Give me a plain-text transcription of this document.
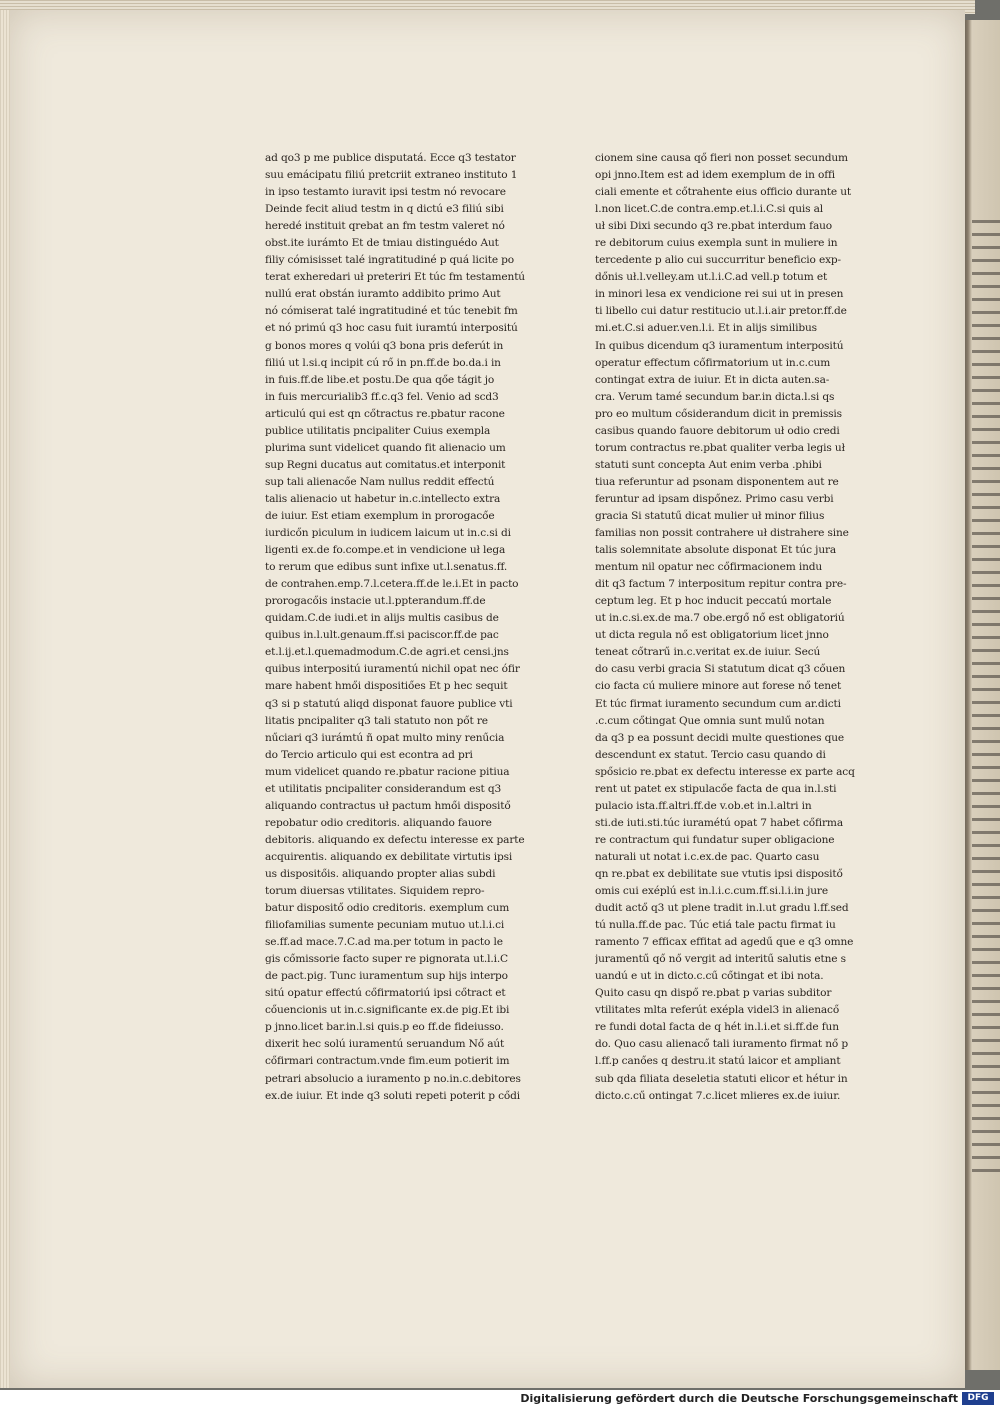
ad qo3 p me publice disputatá. Ecce q3 testator
suu emácipatu filiú pretcriit extraneo instituto 1
in ipso testamto iuravit ipsi testm nó revocare
Deinde fecit aliud testm in q dictú e3 filiú sibi
heredé instituit qrebat an fm testm valeret nó
obst.ite iurámto Et de tmiau distinguédo Aut
filiy cómisisset talé ingratitudiné p quá licite po
terat exheredari uł preteriri Et túc fm testamentú
nullú erat obstán iuramto addibito primo Aut
nó cómiserat talé ingratitudiné et túc tenebit fm
et nó primú q3 hoc casu fuit iuramtú interpositú
g bonos mores q volúi q3 bona pris deferút in
filiú ut l.si.q incipit cú rő in pn.ff.de bo.da.i in
in fuis.ff.de libe.et postu.De qua qőe tágit jo
in fuis mercurialib3 ff.c.q3 fel. Venio ad scd3
articulú qui est qn cőtractus re.pbatur racone
publice utilitatis pncipaliter Cuius exempla
plurima sunt videlicet quando fit alienacio um
sup Regni ducatus aut comitatus.et interponit
sup tali alienacőe Nam nullus reddit effectú
talis alienacio ut habetur in.c.intellecto extra
de iuiur. Est etiam exemplum in prorogacőe
iurdicőn piculum in iudicem laicum ut in.c.si di
ligenti ex.de fo.compe.et in vendicione uł lega
to rerum que edibus sunt infixe ut.l.senatus.ff.
de contrahen.emp.7.l.cetera.ff.de le.i.Et in pacto
prorogacőis instacie ut.l.ppterandum.ff.de
quidam.C.de iudi.et in alijs multis casibus de
quibus in.l.ult.genaum.ff.si paciscor.ff.de pac
et.l.ij.et.l.quemadmodum.C.de agri.et censi.jns
quibus interpositú iuramentú nichil opat nec ófir
mare habent hmői dispositiőes Et p hec sequit
q3 si p statutú aliqd disponat fauore publice vti
litatis pncipaliter q3 tali statuto non pőt re
nűciari q3 iurámtú ñ opat multo miny renűcia
do Tercio articulo qui est econtra ad pri
mum videlicet quando re.pbatur racione pitiua
et utilitatis pncipaliter considerandum est q3
aliquando contractus uł pactum hmői dispositő
repobatur odio creditoris. aliquando fauore
debitoris. aliquando ex defectu interesse ex parte
acquirentis. aliquando ex debilitate virtutis ipsi
us dispositőis. aliquando propter alias subdi
torum diuersas vtilitates. Siquidem repro-
batur dispositő odio creditoris. exemplum cum
filiofamilias sumente pecuniam mutuo ut.l.i.ci
se.ff.ad mace.7.C.ad ma.per totum in pacto le
gis cőmissorie facto super re pignorata ut.l.i.C
de pact.pig. Tunc iuramentum sup hijs interpo
sitú opatur effectú cőfirmatoriú ipsi cőtract et
cőuencionis ut in.c.significante ex.de pig.Et ibi
p jnno.licet bar.in.l.si quis.p eo ff.de fideiusso.
dixerit hec solú iuramentú seruandum Nő aút
cőfirmari contractum.vnde fim.eum potierit im
petrari absolucio a iuramento p no.in.c.debitores
ex.de iuiur. Et inde q3 soluti repeti poterit p cődi
cionem sine causa qő fieri non posset secundum
opi jnno.Item est ad idem exemplum de in offi
ciali emente et cőtrahente eius officio durante ut
l.non licet.C.de contra.emp.et.l.i.C.si quis al
uł sibi Dixi secundo q3 re.pbat interdum fauo
re debitorum cuius exempla sunt in muliere in
tercedente p alio cui succurritur beneficio exp-
dőnis uł.l.velley.am ut.l.i.C.ad vell.p totum et
in minori lesa ex vendicione rei sui ut in presen
ti libello cui datur restitucio ut.l.i.air pretor.ff.de
mi.et.C.si aduer.ven.l.i. Et in alijs similibus
In quibus dicendum q3 iuramentum interpositú
operatur effectum cőfirmatorium ut in.c.cum
contingat extra de iuiur. Et in dicta auten.sa-
cra. Verum tamé secundum bar.in dicta.l.si qs
pro eo multum cősiderandum dicit in premissis
casibus quando fauore debitorum uł odio credi
torum contractus re.pbat qualiter verba legis uł
statuti sunt concepta Aut enim verba .phibi
tiua referuntur ad psonam disponentem aut re
feruntur ad ipsam dispőnez. Primo casu verbi
gracia Si statutű dicat mulier uł minor filius
familias non possit contrahere uł distrahere sine
talis solemnitate absolute disponat Et túc jura
mentum nil opatur nec cőfirmacionem indu
dit q3 factum 7 interpositum repitur contra pre-
ceptum leg. Et p hoc inducit peccatú mortale
ut in.c.si.ex.de ma.7 obe.ergő nő est obligatoriú
ut dicta regula nő est obligatorium licet jnno
teneat cőtrarű in.c.veritat ex.de iuiur. Secú
do casu verbi gracia Si statutum dicat q3 cőuen
cio facta cú muliere minore aut forese nő tenet
Et túc firmat iuramento secundum cum ar.dicti
.c.cum cőtingat Que omnia sunt mulű notan
da q3 p ea possunt decidi multe questiones que
descendunt ex statut. Tercio casu quando di
spősicio re.pbat ex defectu interesse ex parte acq
rent ut patet ex stipulacőe facta de qua in.l.sti
pulacio ista.ff.altri.ff.de v.ob.et in.l.altri in
sti.de iuti.sti.túc iuramétú opat 7 habet cőfirma
re contractum qui fundatur super obligacione
naturali ut notat i.c.ex.de pac. Quarto casu
qn re.pbat ex debilitate sue vtutis ipsi dispositő
omis cui exéplú est in.l.i.c.cum.ff.si.l.i.in jure
dudit actő q3 ut plene tradit in.l.ut gradu l.ff.sed
tú nulla.ff.de pac. Túc etiá tale pactu firmat iu
ramento 7 efficax effitat ad agedű que e q3 omne
juramentű qő nő vergit ad interitű salutis etne s
uandú e ut in dicto.c.cű cőtingat et ibi nota.
Quito casu qn dispő re.pbat p varias subditor
vtilitates mlta referút exépla videl3 in alienacő
re fundi dotal facta de q hét in.l.i.et si.ff.de fun
do. Quo casu alienacő tali iuramento firmat nő p
l.ff.p canőes q destru.it statú laicor et ampliant
sub qda filiata deseletia statuti elicor et hétur in
dicto.c.cű ontingat 7.c.licet mlieres ex.de iuiur.
Digitalisierung gefördert durch die Deutsche Forschungsgemeinschaft	DFG
